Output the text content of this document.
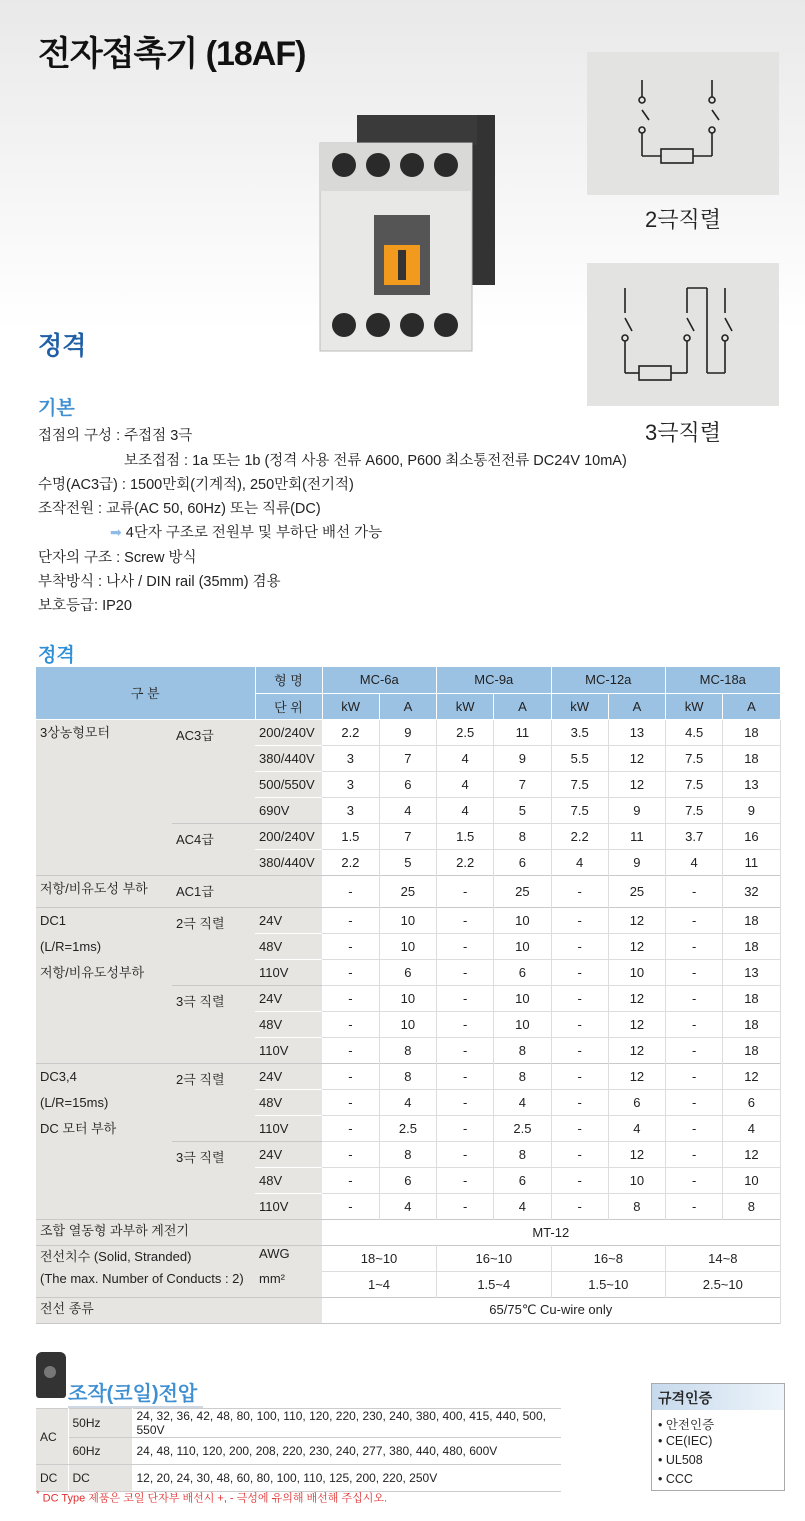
전자접촉기 (18AF)
2극직렬
3극직렬
정격
기본
접점의 구성 : 주접점 3극
보조접점 : 1a 또는 1b (정격 사용 전류 A600, P600 최소통전전류 DC24V 10mA)
수명(AC3급) : 1500만회(기계적), 250만회(전기적)
조작전원 : 교류(AC 50, 60Hz) 또는 직류(DC)
➡ 4단자 구조로 전원부 및 부하단 배선 가능
단자의 구조 : Screw 방식
부착방식 : 나사 / DIN rail (35mm) 겸용
보호등급: IP20
정격
구 분		형 명	MC-6a		MC-9a		MC-12a		MC-18a	
		단 위	kW	A	kW	A	kW	A	kW	A

3상농형모터	AC3급	200/240V	2.2	9	2.5	11	3.5	13	4.5	18
		380/440V	3	7	4	9	5.5	12	7.5	18
		500/550V	3	6	4	7	7.5	12	7.5	13
		690V	3	4	4	5	7.5	9	7.5	9
	AC4급	200/240V	1.5	7	1.5	8	2.2	11	3.7	16
		380/440V	2.2	5	2.2	6	4	9	4	11

저항/비유도성 부하	AC1급		-	25	-	25	-	25	-	32

DC1
(L/R=1ms)
저항/비유도성부하	2극 직렬	24V	-	10	-	10	-	12	-	18
		48V	-	10	-	10	-	12	-	18
		110V	-	6	-	6	-	10	-	13
	3극 직렬	24V	-	10	-	10	-	12	-	18
		48V	-	10	-	10	-	12	-	18
		110V	-	8	-	8	-	12	-	18

DC3,4
(L/R=15ms)
DC 모터 부하	2극 직렬	24V	-	8	-	8	-	12	-	12
		48V	-	4	-	4	-	6	-	6
		110V	-	2.5	-	2.5	-	4	-	4
	3극 직렬	24V	-	8	-	8	-	12	-	12
		48V	-	6	-	6	-	10	-	10
		110V	-	4	-	4	-	8	-	8
조합 열동형 과부하 계전기			MT-12							
전선치수 (Solid, Stranded)		AWG	18~10		16~10		16~8		14~8	
(The max. Number of Conducts : 2)		mm²	1~4		1.5~4		1.5~10		2.5~10	
전선 종류			65/75℃ Cu-wire only							
조작(코일)전압
AC	50Hz	24, 32, 36, 42, 48, 80, 100, 110, 120, 220, 230, 240, 380, 400, 415, 440, 500, 550V
	60Hz	24, 48, 110, 120, 200, 208, 220, 230, 240, 277, 380, 440, 480, 600V
DC	DC	12, 20, 24, 30, 48, 60, 80, 100, 110, 125, 200, 220, 250V
* DC Type 제품은 코일 단자부 배선시 +, - 극성에 유의해 배선해 주십시오.
규격인증
• 안전인증
• CE(IEC)
• UL508
• CCC
